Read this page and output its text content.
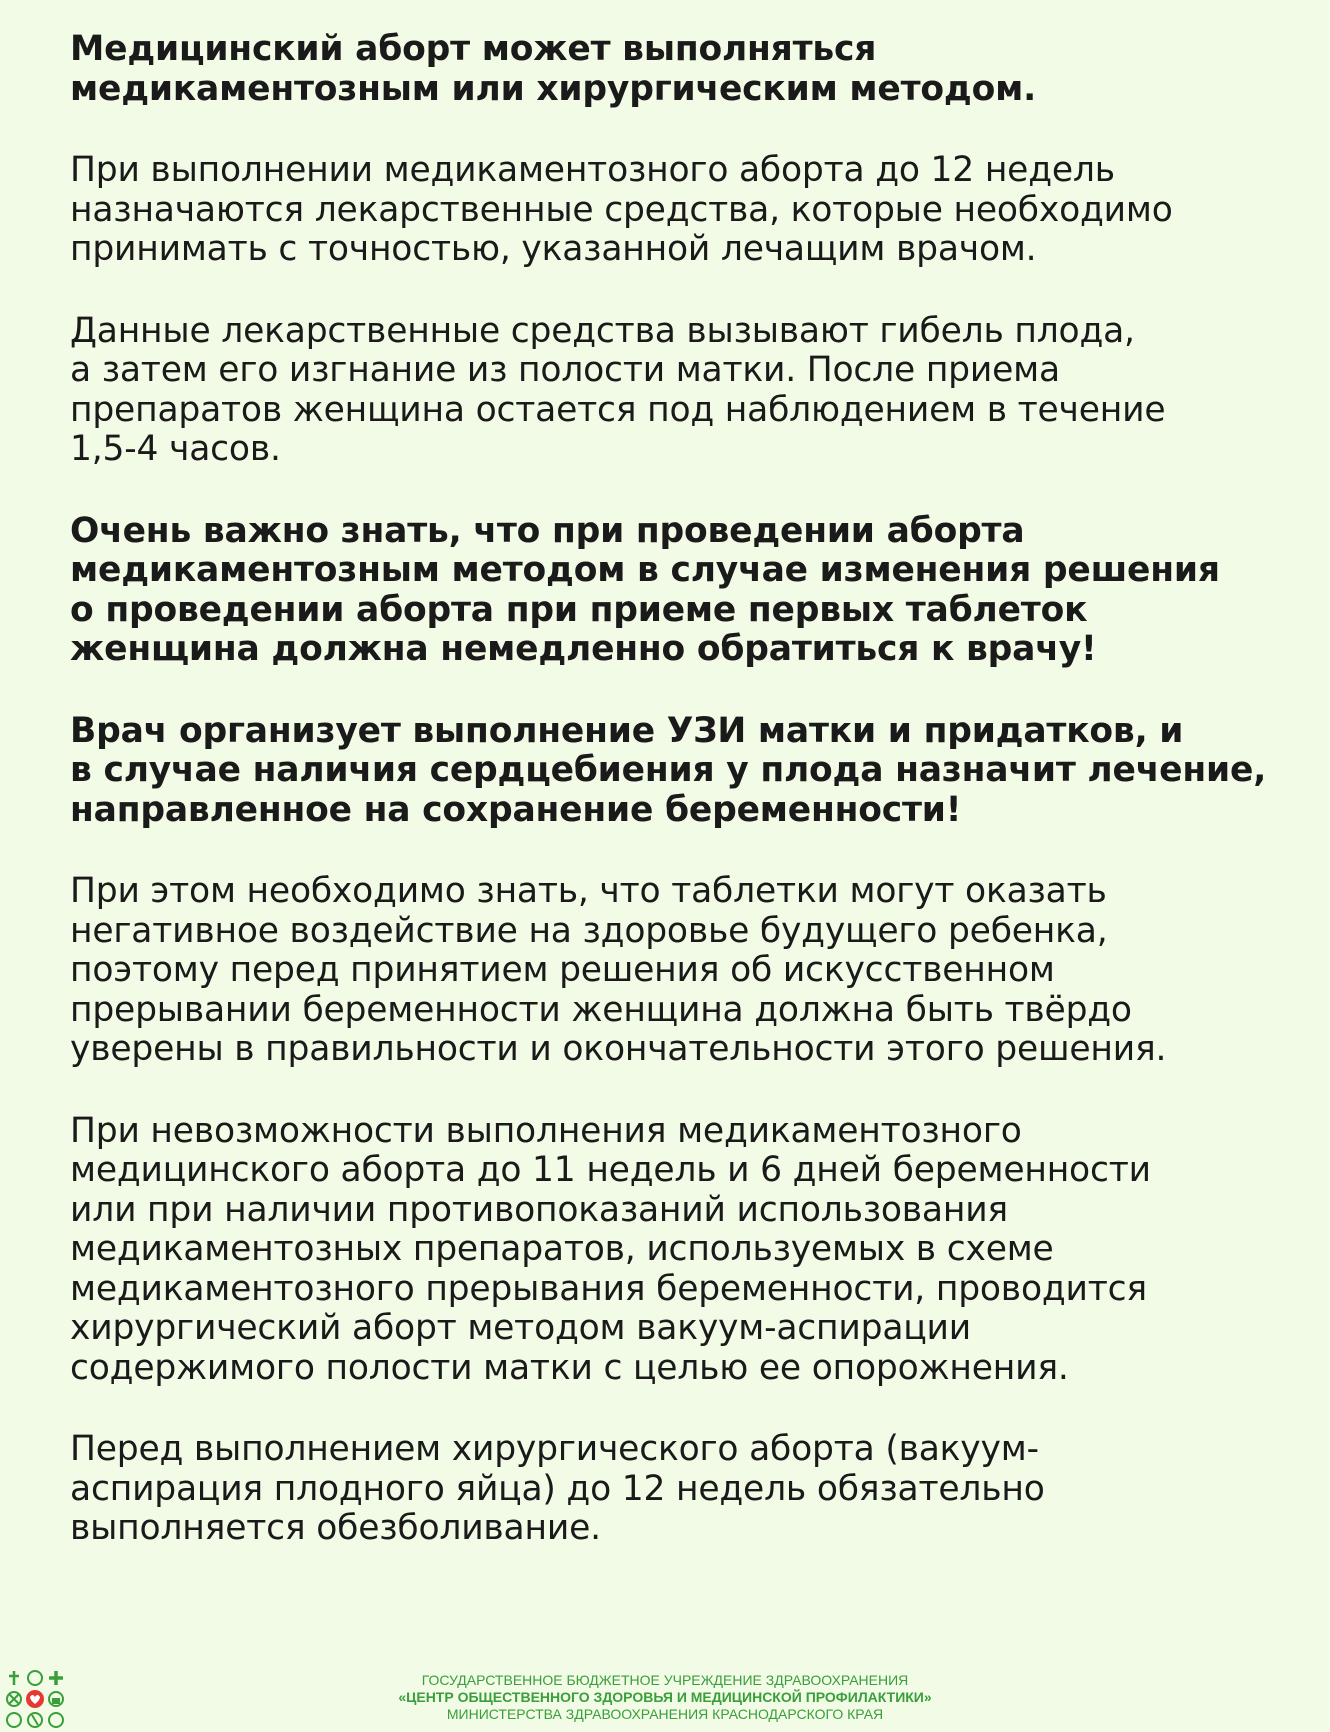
Медицинский аборт может выполняться
медикаментозным или хирургическим методом.

При выполнении медикаментозного аборта до 12 недель
назначаются лекарственные средства, которые необходимо
принимать с точностью, указанной лечащим врачом.

Данные лекарственные средства вызывают гибель плода,
а затем его изгнание из полости матки. После приема
препаратов женщина остается под наблюдением в течение
1,5-4 часов.

Очень важно знать, что при проведении аборта
медикаментозным методом в случае изменения решения
о проведении аборта при приеме первых таблеток
женщина должна немедленно обратиться к врачу!

Врач организует выполнение УЗИ матки и придатков, и
в случае наличия сердцебиения у плода назначит лечение,
направленное на сохранение беременности!

При этом необходимо знать, что таблетки могут оказать
негативное воздействие на здоровье будущего ребенка,
поэтому перед принятием решения об искусственном
прерывании беременности женщина должна быть твёрдо
уверены в правильности и окончательности этого решения.

При невозможности выполнения медикаментозного
медицинского аборта до 11 недель и 6 дней беременности
или при наличии противопоказаний использования
медикаментозных препаратов, используемых в схеме
медикаментозного прерывания беременности, проводится
хирургический аборт методом вакуум-аспирации
содержимого полости матки с целью ее опорожнения.

Перед выполнением хирургического аборта (вакуум-
аспирация плодного яйца) до 12 недель обязательно
выполняется обезболивание.

ГОСУДАРСТВЕННОЕ БЮДЖЕТНОЕ УЧРЕЖДЕНИЕ ЗДРАВООХРАНЕНИЯ
«ЦЕНТР ОБЩЕСТВЕННОГО ЗДОРОВЬЯ И МЕДИЦИНСКОЙ ПРОФИЛАКТИКИ»
МИНИСТЕРСТВА ЗДРАВООХРАНЕНИЯ КРАСНОДАРСКОГО КРАЯ
